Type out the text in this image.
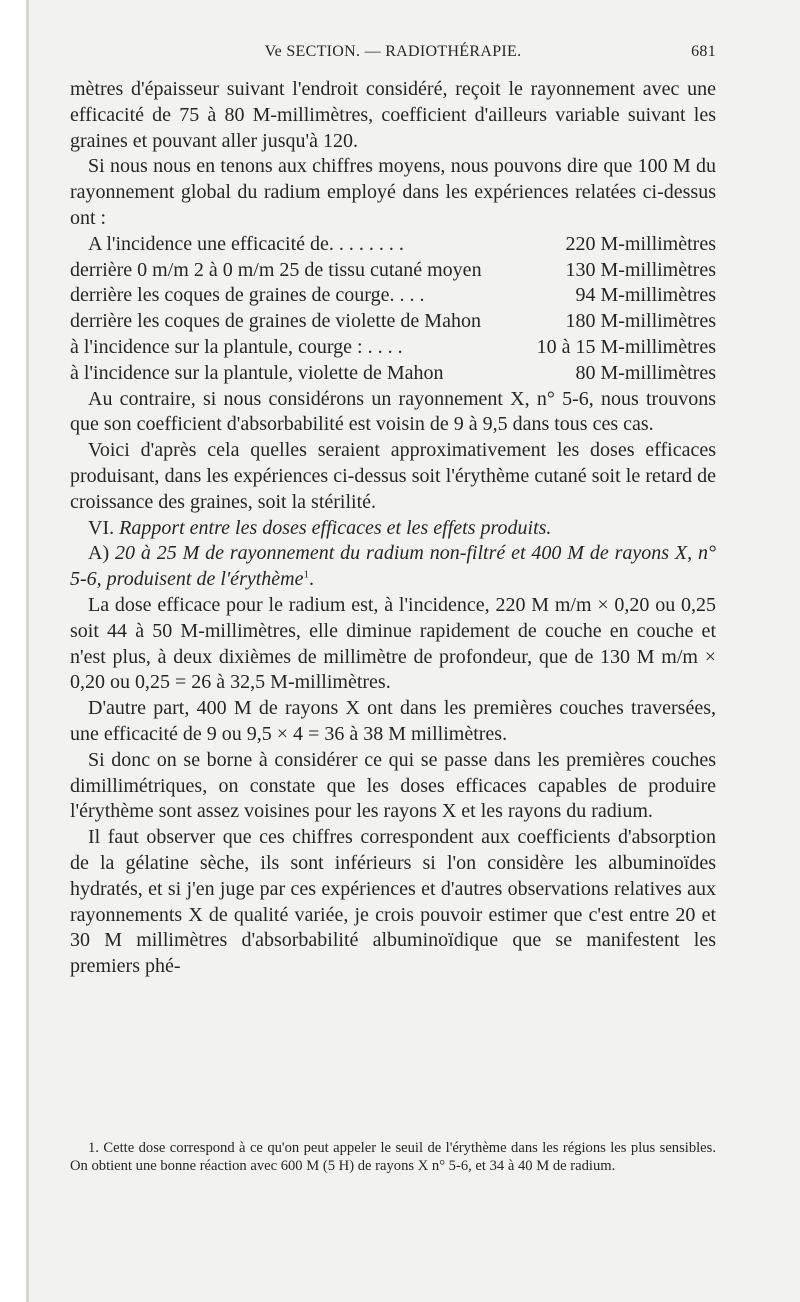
Ve SECTION. — RADIOTHÉRAPIE.	681

mètres d'épaisseur suivant l'endroit considéré, reçoit le rayonnement avec une efficacité de 75 à 80 M-millimètres, coefficient d'ailleurs variable suivant les graines et pouvant aller jusqu'à 120.

Si nous nous en tenons aux chiffres moyens, nous pouvons dire que 100 M du rayonnement global du radium employé dans les expériences relatées ci-dessus ont :

A l'incidence une efficacité de. . . . . . . .	220 M-millimètres
derrière 0 m/m 2 à 0 m/m 25 de tissu cutané moyen	130 M-millimètres
derrière les coques de graines de courge. . . .	94 M-millimètres
derrière les coques de graines de violette de Mahon	180 M-millimètres
à l'incidence sur la plantule, courge : . . . .	10 à 15 M-millimètres
à l'incidence sur la plantule, violette de Mahon	80 M-millimètres

Au contraire, si nous considérons un rayonnement X, n° 5-6, nous trouvons que son coefficient d'absorbabilité est voisin de 9 à 9,5 dans tous ces cas.

Voici d'après cela quelles seraient approximativement les doses efficaces produisant, dans les expériences ci-dessus soit l'érythème cutané soit le retard de croissance des graines, soit la stérilité.

VI. Rapport entre les doses efficaces et les effets produits.

A) 20 à 25 M de rayonnement du radium non-filtré et 400 M de rayons X, n° 5-6, produisent de l'érythème$^1$.

La dose efficace pour le radium est, à l'incidence, 220 M m/m × 0,20 ou 0,25 soit 44 à 50 M-millimètres, elle diminue rapidement de couche en couche et n'est plus, à deux dixièmes de millimètre de profondeur, que de 130 M m/m × 0,20 ou 0,25 = 26 à 32,5 M-millimètres.

D'autre part, 400 M de rayons X ont dans les premières couches traversées, une efficacité de 9 ou 9,5 × 4 = 36 à 38 M millimètres.

Si donc on se borne à considérer ce qui se passe dans les premières couches dimillimétriques, on constate que les doses efficaces capables de produire l'érythème sont assez voisines pour les rayons X et les rayons du radium.

Il faut observer que ces chiffres correspondent aux coefficients d'absorption de la gélatine sèche, ils sont inférieurs si l'on considère les albuminoïdes hydratés, et si j'en juge par ces expériences et d'autres observations relatives aux rayonnements X de qualité variée, je crois pouvoir estimer que c'est entre 20 et 30 M millimètres d'absorbabilité albuminoïdique que se manifestent les premiers phé-

1. Cette dose correspond à ce qu'on peut appeler le seuil de l'érythème dans les régions les plus sensibles. On obtient une bonne réaction avec 600 M (5 H) de rayons X n° 5-6, et 34 à 40 M de radium.
